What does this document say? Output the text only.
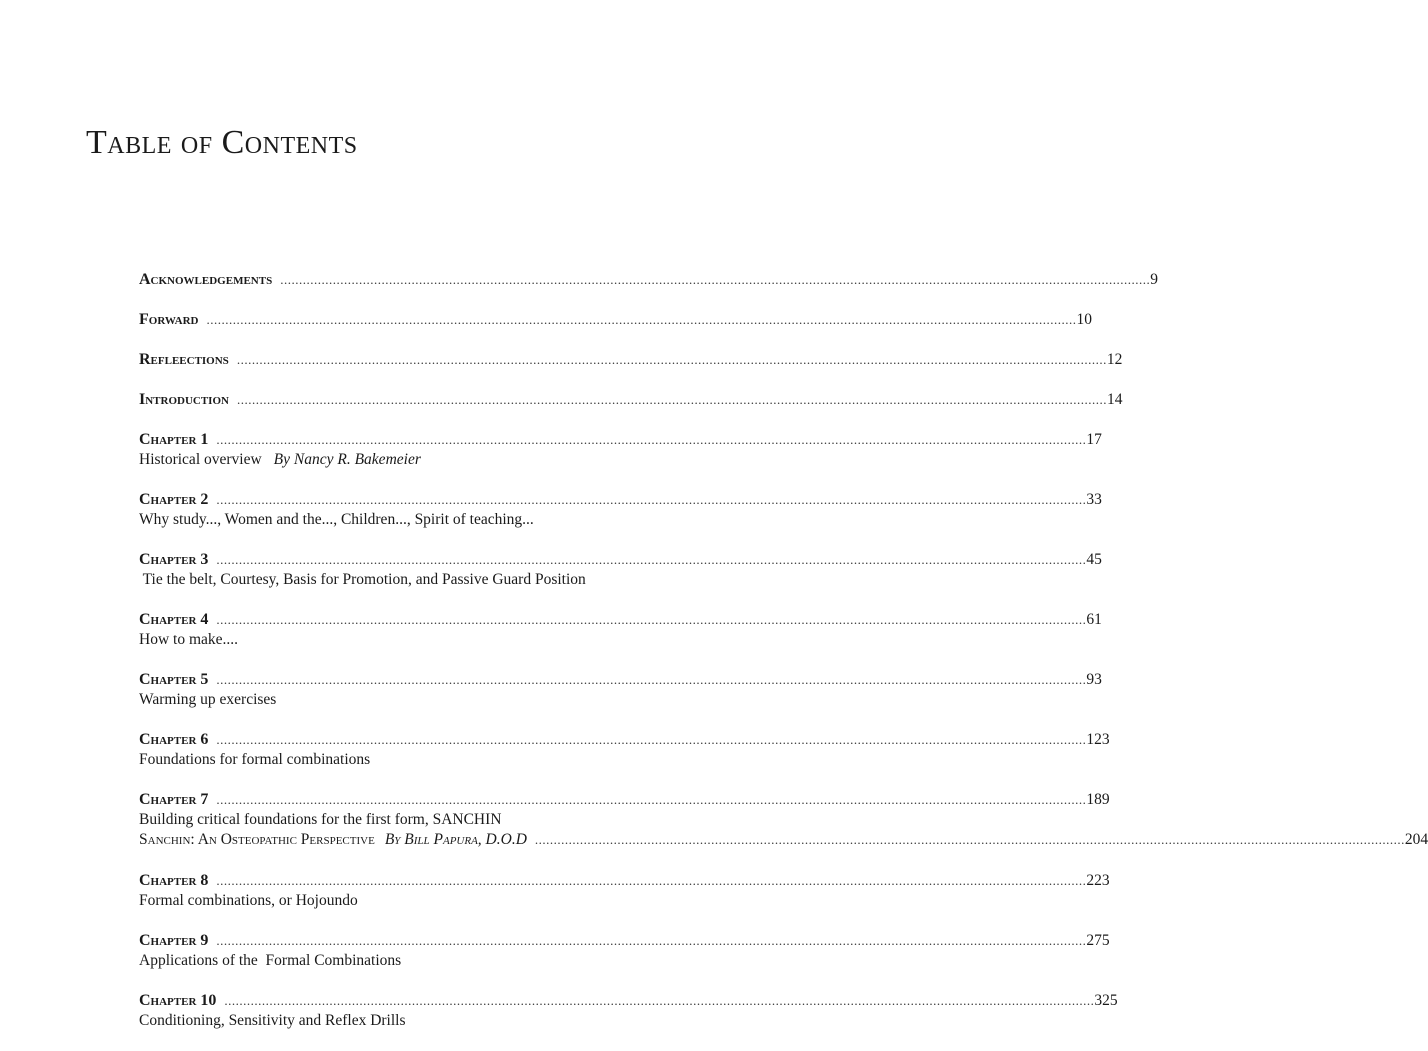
Table of Contents
Acknowledgements ........................................................................................................................................................................................................................................ 9
Forward ........................................................................................................................................................................................................................................ 10
Refleections ........................................................................................................................................................................................................................................ 12
Introduction ........................................................................................................................................................................................................................................ 14
Chapter 1 ........................................................................................................................................................................................................................................ 17
Historical overview By Nancy R. Bakemeier
Chapter 2 ........................................................................................................................................................................................................................................ 33
Why study..., Women and the..., Children..., Spirit of teaching...
Chapter 3 ........................................................................................................................................................................................................................................ 45
Tie the belt, Courtesy, Basis for Promotion, and Passive Guard Position
Chapter 4 ........................................................................................................................................................................................................................................ 61
How to make....
Chapter 5 ........................................................................................................................................................................................................................................ 93
Warming up exercises
Chapter 6 ........................................................................................................................................................................................................................................ 123
Foundations for formal combinations
Chapter 7 ........................................................................................................................................................................................................................................ 189
Building critical foundations for the first form, SANCHIN
Sanchin: An Osteopathic Perspective By Bill Papura, D.O.D ........................................................................................................................................................................................................................................ 204
Chapter 8 ........................................................................................................................................................................................................................................ 223
Formal combinations, or Hojoundo
Chapter 9 ........................................................................................................................................................................................................................................ 275
Applications of the  Formal Combinations
Chapter 10 ........................................................................................................................................................................................................................................ 325
Conditioning, Sensitivity and Reflex Drills
